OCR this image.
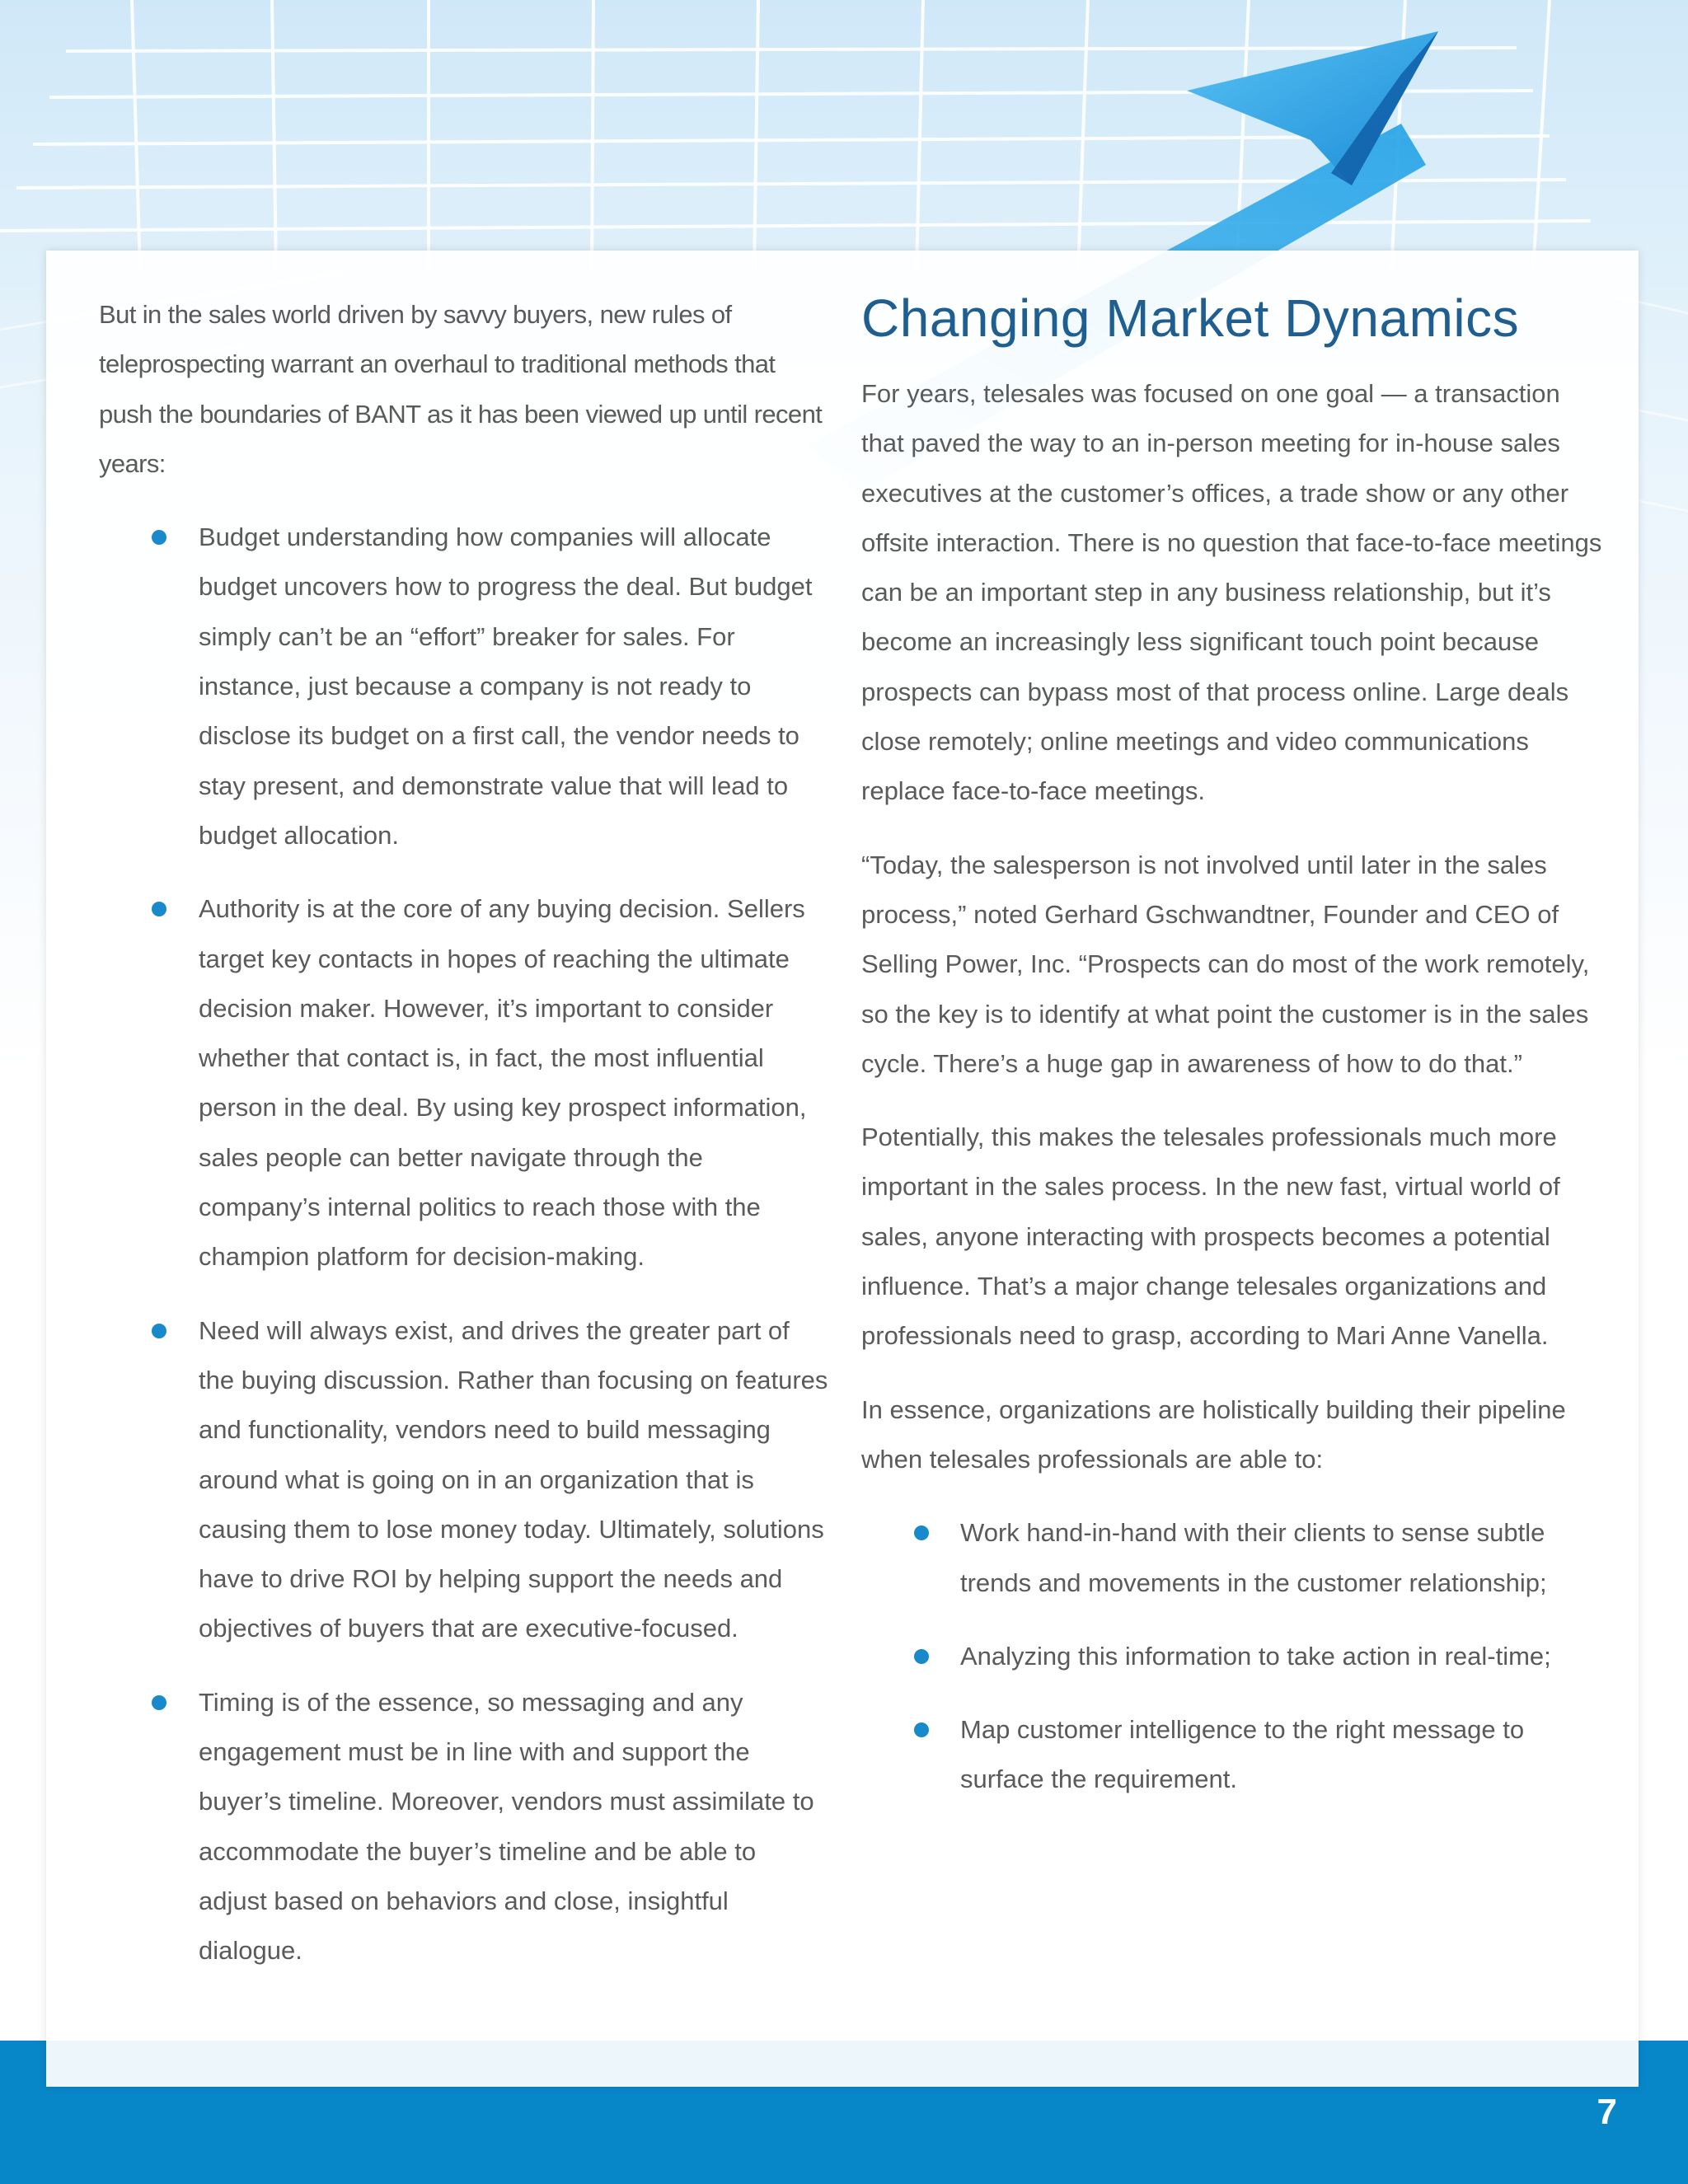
7

But in the sales world driven by savvy buyers, new rules of teleprospecting warrant an overhaul to traditional methods that push the boundaries of BANT as it has been viewed up until recent years:

Budget understanding how companies will allocate budget uncovers how to progress the deal. But budget simply can’t be an “effort” breaker for sales. For instance, just because a company is not ready to disclose its budget on a first call, the vendor needs to stay present, and demonstrate value that will lead to budget allocation.
Authority is at the core of any buying decision. Sellers target key contacts in hopes of reaching the ultimate decision maker. However, it’s important to consider whether that contact is, in fact, the most influential person in the deal. By using key prospect information, sales people can better navigate through the company’s internal politics to reach those with the champion platform for decision-making.
Need will always exist, and drives the greater part of the buying discussion. Rather than focusing on features and functionality, vendors need to build messaging around what is going on in an organization that is causing them to lose money today. Ultimately, solutions have to drive ROI by helping support the needs and objectives of buyers that are executive-focused.
Timing is of the essence, so messaging and any engagement must be in line with and support the buyer’s timeline. Moreover, vendors must assimilate to accommodate the buyer’s timeline and be able to adjust based on behaviors and close, insightful dialogue.
Changing Market Dynamics

For years, telesales was focused on one goal — a transaction that paved the way to an in-person meeting for in-house sales executives at the customer’s offices, a trade show or any other offsite interaction. There is no question that face-to-face meetings can be an important step in any business relationship, but it’s become an increasingly less significant touch point because prospects can bypass most of that process online. Large deals close remotely; online meetings and video communications replace face-to-face meetings.

“Today, the salesperson is not involved until later in the sales process,” noted Gerhard Gschwandtner, Founder and CEO of Selling Power, Inc. “Prospects can do most of the work remotely, so the key is to identify at what point the customer is in the sales cycle. There’s a huge gap in awareness of how to do that.”

Potentially, this makes the telesales professionals much more important in the sales process. In the new fast, virtual world of sales, anyone interacting with prospects becomes a potential influence. That’s a major change telesales organizations and professionals need to grasp, according to Mari Anne Vanella.

In essence, organizations are holistically building their pipeline when telesales professionals are able to:

Work hand-in-hand with their clients to sense subtle trends and movements in the customer relationship;
Analyzing this information to take action in real-time;
Map customer intelligence to the right message to surface the requirement.
